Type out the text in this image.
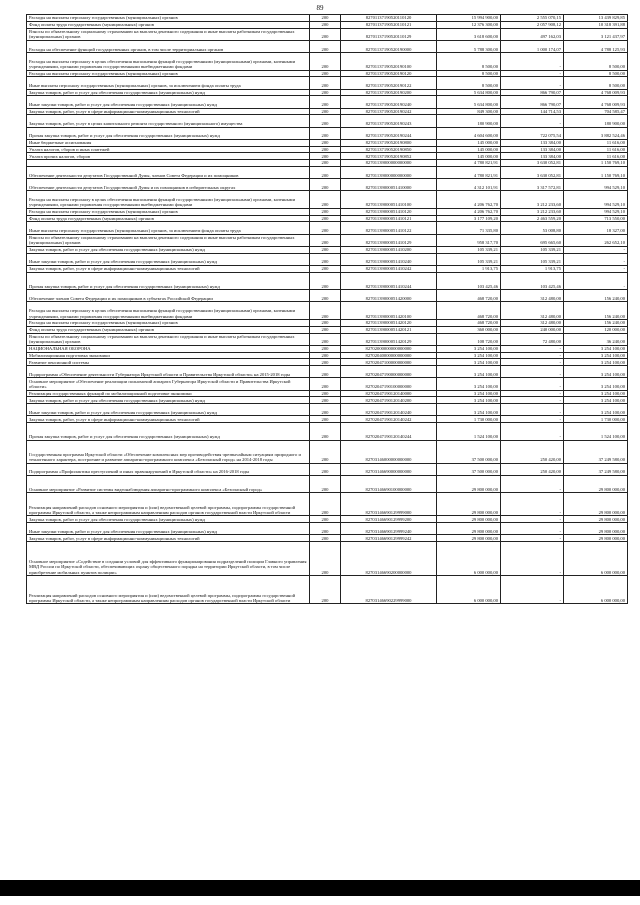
89
Расходы на выплаты персоналу государственных (муниципальных) органов	200	82701137190520110120	15 994 900,00	2 555 070,15	13 439 829,85
Фонд оплаты труда государственных (муниципальных) органов	200	82701137190520110121	12 376 300,00	2 057 908,12	10 318 391,88
Взносы по обязательному социальному страхованию на выплаты денежного содержания и иные выплаты работникам государственных (муниципальных) органов	200	82701137190520110129	3 618 600,00	497 162,03	3 121 437,97
Расходы на обеспечение функций государственных органов, в том числе территориальных органов	200	82701137190520190000	5 788 300,00	1 000 174,07	4 788 125,93
Расходы на выплаты персоналу в целях обеспечения выполнения функций государственными (муниципальными) органами, казенными учреждениями, органами управления государственными внебюджетными фондами	200	82701137190520190100	8 500,00	-	8 500,00
Расходы на выплаты персоналу государственных (муниципальных) органов	200	82701137190520190120	8 500,00	-	8 500,00
Иные выплаты персоналу государственных (муниципальных) органов, за исключением фонда оплаты труда	200	82701137190520190122	8 500,00	-	8 500,00
Закупка товаров, работ и услуг для обеспечения государственных (муниципальных) нужд	200	82701137190520190200	5 634 800,00	866 790,07	4 768 009,93
Иные закупки товаров, работ и услуг для обеспечения государственных (муниципальных) нужд	200	82701137190520190240	5 634 800,00	866 790,07	4 768 009,93
Закупка товаров, работ, услуг в сфере информационно-коммуникационных технологий	200	82701137190520190242	849 300,00	144 714,53	704 585,47
Закупка товаров, работ, услуг в целях капитального ремонта государственного (муниципального) имущества	200	82701137190520190243	180 900,00	-	180 900,00
Прочая закупка товаров, работ и услуг для обеспечения государственных (муниципальных) нужд	200	82701137190520190244	4 604 600,00	722 075,54	3 882 524,46
Иные бюджетные ассигнования	200	82701137190520190800	145 000,00	133 384,00	11 616,00
Уплата налогов, сборов и иных платежей	200	82701137190520190850	145 000,00	133 384,00	11 616,00
Уплата прочих налогов, сборов	200	82701137190520190852	145 000,00	133 384,00	11 616,00
	200	82701139000000000000	4 780 821,91	3 630 052,81	1 150 769,10
Обеспечение деятельности депутатов Государственной Думы, членов Совета Федерации и их помощников	200	82701139000000000000	4 780 821,91	3 630 052,81	1 150 769,10
Обеспечение деятельности депутатов Государственной Думы и их помощников в избирательных округах	200	82701139000051410000	4 312 101,91	3 317 572,81	994 529,10
Расходы на выплаты персоналу в целях обеспечения выполнения функций государственными (муниципальными) органами, казенными учреждениями, органами управления государственными внебюджетными фондами	200	82701139000051410100	4 206 762,70	3 212 233,60	994 529,10
Расходы на выплаты персоналу государственных (муниципальных) органов	200	82701139000051410120	4 206 762,70	3 212 233,60	994 529,10
Фонд оплаты труда государственных (муниципальных) органов	200	82701139000051410121	3 177 109,20	2 463 559,20	713 550,00
Иные выплаты персоналу государственных (муниципальных) органов, за исключением фонда оплаты труда	200	82701139000051410122	71 335,80	53 008,80	18 327,00
Взносы по обязательному социальному страхованию на выплаты денежного содержания и иные выплаты работникам государственных (муниципальных) органов	200	82701139000051410129	958 317,70	695 665,60	262 652,10
Закупка товаров, работ и услуг для обеспечения государственных (муниципальных) нужд	200	82701139000051410200	105 339,21	105 339,21	-
Иные закупки товаров, работ и услуг для обеспечения государственных (муниципальных) нужд	200	82701139000051410240	105 339,21	105 339,21	-
Закупка товаров, работ, услуг в сфере информационно-коммуникационных технологий	200	82701139000051410242	1 913,75	1 913,75	-
Прочая закупка товаров, работ и услуг для обеспечения государственных (муниципальных) нужд	200	82701139000051410244	103 425,46	103 425,46	-
Обеспечение членов Совета Федерации и их помощников в субъектах Российской Федерации	200	82701139000051420000	468 720,00	312 480,00	156 240,00
Расходы на выплаты персоналу в целях обеспечения выполнения функций государственными (муниципальными) органами, казенными учреждениями, органами управления государственными внебюджетными фондами	200	82701139000051420100	468 720,00	312 480,00	156 240,00
Расходы на выплаты персоналу государственных (муниципальных) органов	200	82701139000051420120	468 720,00	312 480,00	156 240,00
Фонд оплаты труда государственных (муниципальных) органов	200	82701139000051420121	360 000,00	240 000,00	120 000,00
Взносы по обязательному социальному страхованию на выплаты денежного содержания и иные выплаты работникам государственных (муниципальных) органов	200	82701139000051420129	108 720,00	72 480,00	36 240,00
НАЦИОНАЛЬНАЯ ОБОРОНА	200	82702000000000000000	3 254 100,00	-	3 254 100,00
Мобилизационная подготовка экономики	200	82702040000000000000	3 254 100,00	-	3 254 100,00
Развитие пенсионной системы	200	82702047100000000000	3 254 100,00	-	3 254 100,00
Подпрограмма «Обеспечение деятельности Губернатора Иркутской области и Правительства Иркутской области» на 2015-2018 годы	200	82702047190000000000	3 254 100,00	-	3 254 100,00
Основное мероприятие «Обеспечение реализации полномочий аппарата Губернатора Иркутской области и Правительства Иркутской области»	200	82702047190100000000	3 254 100,00	-	3 254 100,00
Реализация государственных функций по мобилизационной подготовке экономики	200	82702047190120140000	3 254 100,00	-	3 254 100,00
Закупка товаров, работ и услуг для обеспечения государственных (муниципальных) нужд	200	82702047190120140200	3 254 100,00	-	3 254 100,00
Иные закупки товаров, работ и услуг для обеспечения государственных (муниципальных) нужд	200	82702047190120140240	3 254 100,00	-	3 254 100,00
Закупка товаров, работ, услуг в сфере информационно-коммуникационных технологий	200	82702047190120140242	1 730 000,00	-	1 730 000,00
Прочая закупка товаров, работ и услуг для обеспечения государственных (муниципальных) нужд	200	82702047190120140244	1 524 100,00	-	1 524 100,00
Государственная программа Иркутской области «Обеспечение комплексных мер противодействия чрезвычайным ситуациям природного и техногенного характера, построение и развитие аппаратно-программного комплекса «Безопасный город» на 2014-2018 годы	200	82703146000000000000	37 500 000,00	250 420,00	37 249 580,00
Подпрограмма «Профилактика преступлений и иных правонарушений в Иркутской области» на 2016-2018 годы	200	82703146690000000000	37 500 000,00	250 420,00	37 249 580,00
Основное мероприятие «Развитие системы видеонаблюдения аппаратно-программного комплекса «Безопасный город»	200	82703146690100000000	29 800 000,00	-	29 800 000,00
Реализация направлений расходов основного мероприятия и (или) ведомственной целевой программы, подпрограммы государственной программы Иркутской области, а также непрограммным направлениям расходов органов государственной власти Иркутской области	200	82703146690129999000	29 800 000,00	-	29 800 000,00
Закупка товаров, работ и услуг для обеспечения государственных (муниципальных) нужд	200	82703146690129999200	29 800 000,00	-	29 800 000,00
Иные закупки товаров, работ и услуг для обеспечения государственных (муниципальных) нужд	200	82703146690129999240	29 800 000,00	-	29 800 000,00
Закупка товаров, работ, услуг в сфере информационно-коммуникационных технологий	200	82703146690129999242	29 800 000,00	-	29 800 000,00
Основное мероприятие «Содействие в создании условий для эффективного функционирования подразделений полиции Главного управления МВД России по Иркутской области, обеспечивающих охрану общественного порядка на территории Иркутской области, в том числе приобретение мобильных пунктов полиции»	200	82703146690200000000	6 000 000,00	-	6 000 000,00
Реализация направлений расходов основного мероприятия и (или) ведомственной целевой программы, подпрограммы государственной программы Иркутской области, а также непрограммным направлениям расходов органов государственной власти Иркутской области	200	82703146690229999000	6 000 000,00	-	6 000 000,00
